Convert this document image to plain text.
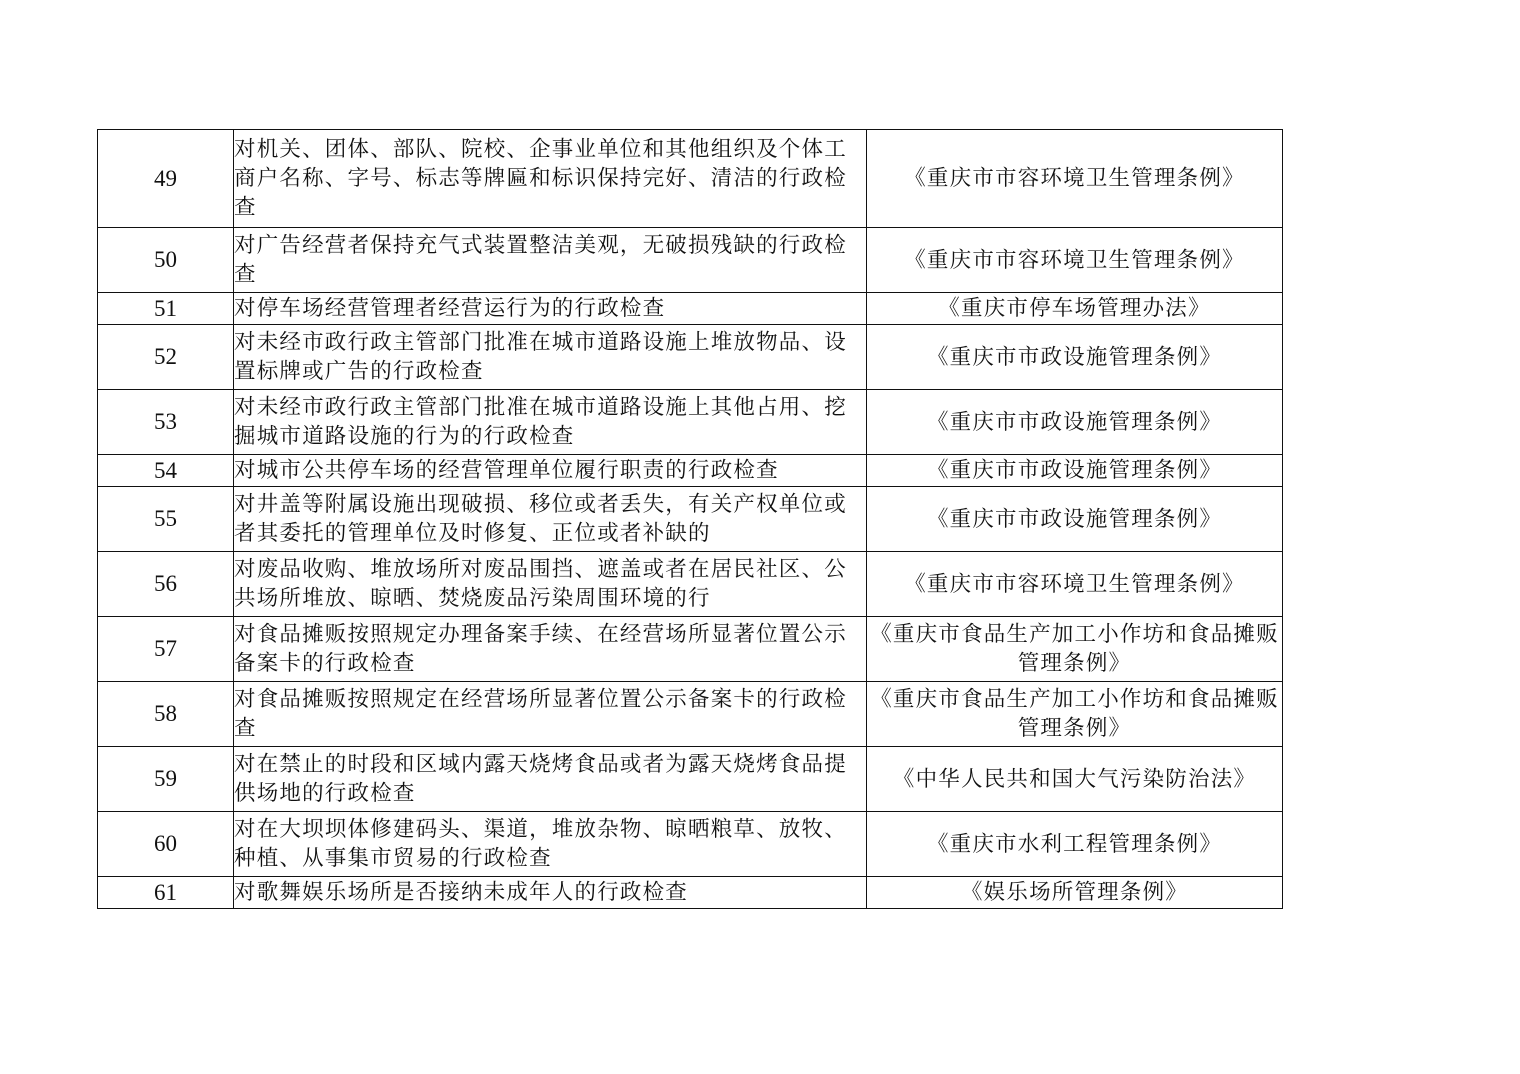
49	对机关、团体、部队、院校、企事业单位和其他组织及个体工商户名称、字号、标志等牌匾和标识保持完好、清洁的行政检查	《重庆市市容环境卫生管理条例》
50	对广告经营者保持充气式装置整洁美观，无破损残缺的行政检查	《重庆市市容环境卫生管理条例》
51	对停车场经营管理者经营运行为的行政检查	《重庆市停车场管理办法》
52	对未经市政行政主管部门批准在城市道路设施上堆放物品、设置标牌或广告的行政检查	《重庆市市政设施管理条例》
53	对未经市政行政主管部门批准在城市道路设施上其他占用、挖掘城市道路设施的行为的行政检查	《重庆市市政设施管理条例》
54	对城市公共停车场的经营管理单位履行职责的行政检查	《重庆市市政设施管理条例》
55	对井盖等附属设施出现破损、移位或者丢失，有关产权单位或者其委托的管理单位及时修复、正位或者补缺的	《重庆市市政设施管理条例》
56	对废品收购、堆放场所对废品围挡、遮盖或者在居民社区、公共场所堆放、晾晒、焚烧废品污染周围环境的行	《重庆市市容环境卫生管理条例》
57	对食品摊贩按照规定办理备案手续、在经营场所显著位置公示备案卡的行政检查	《重庆市食品生产加工小作坊和食品摊贩管理条例》
58	对食品摊贩按照规定在经营场所显著位置公示备案卡的行政检查	《重庆市食品生产加工小作坊和食品摊贩管理条例》
59	对在禁止的时段和区域内露天烧烤食品或者为露天烧烤食品提供场地的行政检查	《中华人民共和国大气污染防治法》
60	对在大坝坝体修建码头、渠道，堆放杂物、晾晒粮草、放牧、种植、从事集市贸易的行政检查	《重庆市水利工程管理条例》
61	对歌舞娱乐场所是否接纳未成年人的行政检查	《娱乐场所管理条例》
